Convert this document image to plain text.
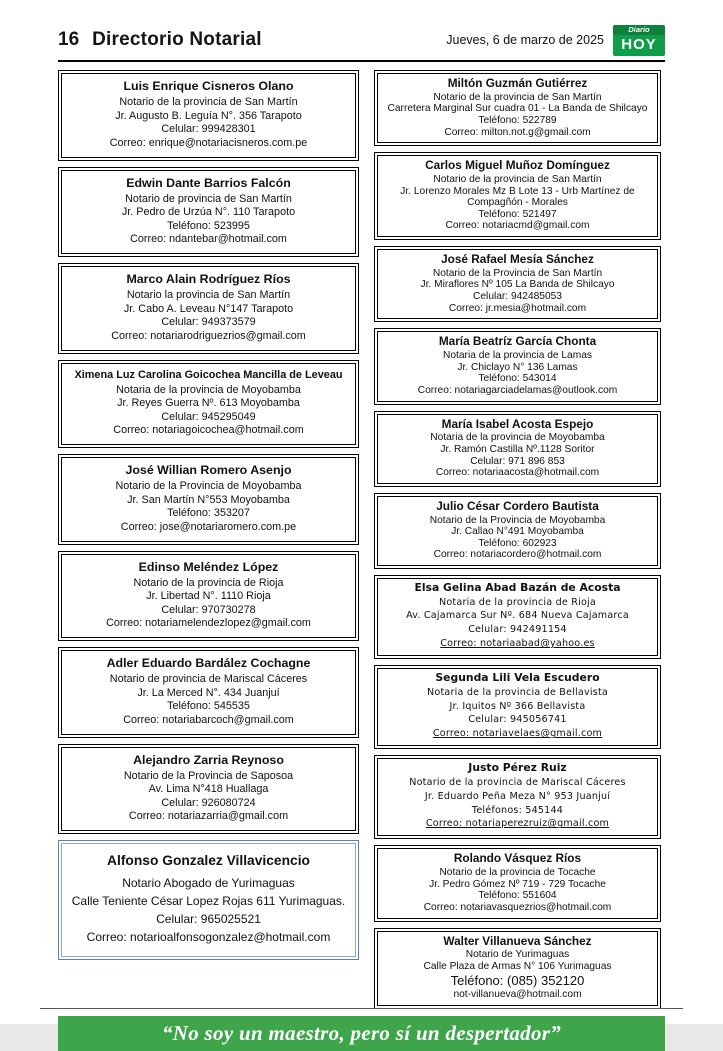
16 Directorio Notarial	Jueves, 6 de marzo de 2025
Diario
HOY
Luis Enrique Cisneros Olano
Notario de la provincia de San Martín
Jr. Augusto B. Leguía N°. 356 Tarapoto
Celular: 999428301
Correo: enrique@notariacisneros.com.pe
Edwin Dante Barrios Falcón
Notario de provincia de San Martín
Jr. Pedro de Urzúa N°. 110 Tarapoto
Teléfono: 523995
Correo: ndantebar@hotmail.com
Marco Alain Rodríguez Ríos
Notario la provincia de San Martín
Jr. Cabo A. Leveau N°147 Tarapoto
Celular: 949373579
Correo: notariarodriguezrios@gmail.com
Ximena Luz Carolina Goicochea Mancilla de Leveau
Notaria de la provincia de Moyobamba
Jr. Reyes Guerra Nº. 613 Moyobamba
Celular: 945295049
Correo: notariagoicochea@hotmail.com
José Willian Romero Asenjo
Notario de la Provincia de Moyobamba
Jr. San Martín N°553 Moyobamba
Teléfono: 353207
Correo: jose@notariaromero.com.pe
Edinso Meléndez López
Notario de la provincia de Rioja
Jr. Libertad N°. 1110 Rioja
Celular: 970730278
Correo: notariamelendezlopez@gmail.com
Adler Eduardo Bardález Cochagne
Notario de provincia de Mariscal Cáceres
Jr. La Merced N°. 434 Juanjuí
Teléfono: 545535
Correo: notariabarcoch@gmail.com
Alejandro Zarria Reynoso
Notario de la Provincia de Saposoa
Av. Lima N°418 Huallaga
Celular: 926080724
Correo: notariazarria@gmail.com
Alfonso Gonzalez Villavicencio
Notario Abogado de Yurimaguas
Calle Teniente César Lopez Rojas 611 Yurimaguas.
Celular: 965025521
Correo: notarioalfonsogonzalez@hotmail.com
Miltón Guzmán Gutiérrez
Notario de la provincia de San Martín
Carretera Marginal Sur cuadra 01 - La Banda de Shilcayo
Teléfono: 522789
Correo: milton.not.g@gmail.com
Carlos Miguel Muñoz Domínguez
Notario de la provincia de San Martín
Jr. Lorenzo Morales Mz B Lote 13 - Urb Martínez de Compagñón - Morales
Teléfono: 521497
Correo: notariacmd@gmail.com
José Rafael Mesía Sánchez
Notario de la Provincia de San Martín
Jr. Miraflores Nº 105 La Banda de Shilcayo
Celular: 942485053
Correo: jr.mesia@hotmail.com
María Beatríz García Chonta
Notaria de la provincia de Lamas
Jr. Chiclayo N° 136 Lamas
Teléfono: 543014
Correo: notariagarciadelamas@outlook.com
María Isabel Acosta Espejo
Notaria de la provincia de Moyobamba
Jr. Ramón Castilla Nº.1128 Soritor
Celular: 971 896 853
Correo: notariaacosta@hotmail.com
Julio César Cordero Bautista
Notario de la Provincia de Moyobamba
Jr. Callao N°491 Moyobamba
Teléfono: 602923
Correo: notariacordero@hotmail.com
Elsa Gelina Abad Bazán de Acosta
Notaria de la provincia de Rioja
Av. Cajamarca Sur Nº. 684 Nueva Cajamarca
Celular: 942491154
Correo: notariaabad@yahoo.es
Segunda Lili Vela Escudero
Notaria de la provincia de Bellavista
Jr. Iquitos Nº 366 Bellavista
Celular: 945056741
Correo: notariavelaes@gmail.com
Justo Pérez Ruiz
Notario de la provincia de Mariscal Cáceres
Jr. Eduardo Peña Meza N° 953 Juanjuí
Teléfonos: 545144
Correo: notariaperezruiz@gmail.com
Rolando Vásquez Ríos
Notario de la provincia de Tocache
Jr. Pedro Gómez Nº 719 - 729 Tocache
Teléfono: 551604
Correo: notariavasquezrios@hotmail.com
Walter Villanueva Sánchez
Notario de Yurimaguas
Calle Plaza de Armas N° 106 Yurimaguas
Teléfono: (085) 352120
not-villanueva@hotmail.com
“No soy un maestro, pero sí un despertador”
